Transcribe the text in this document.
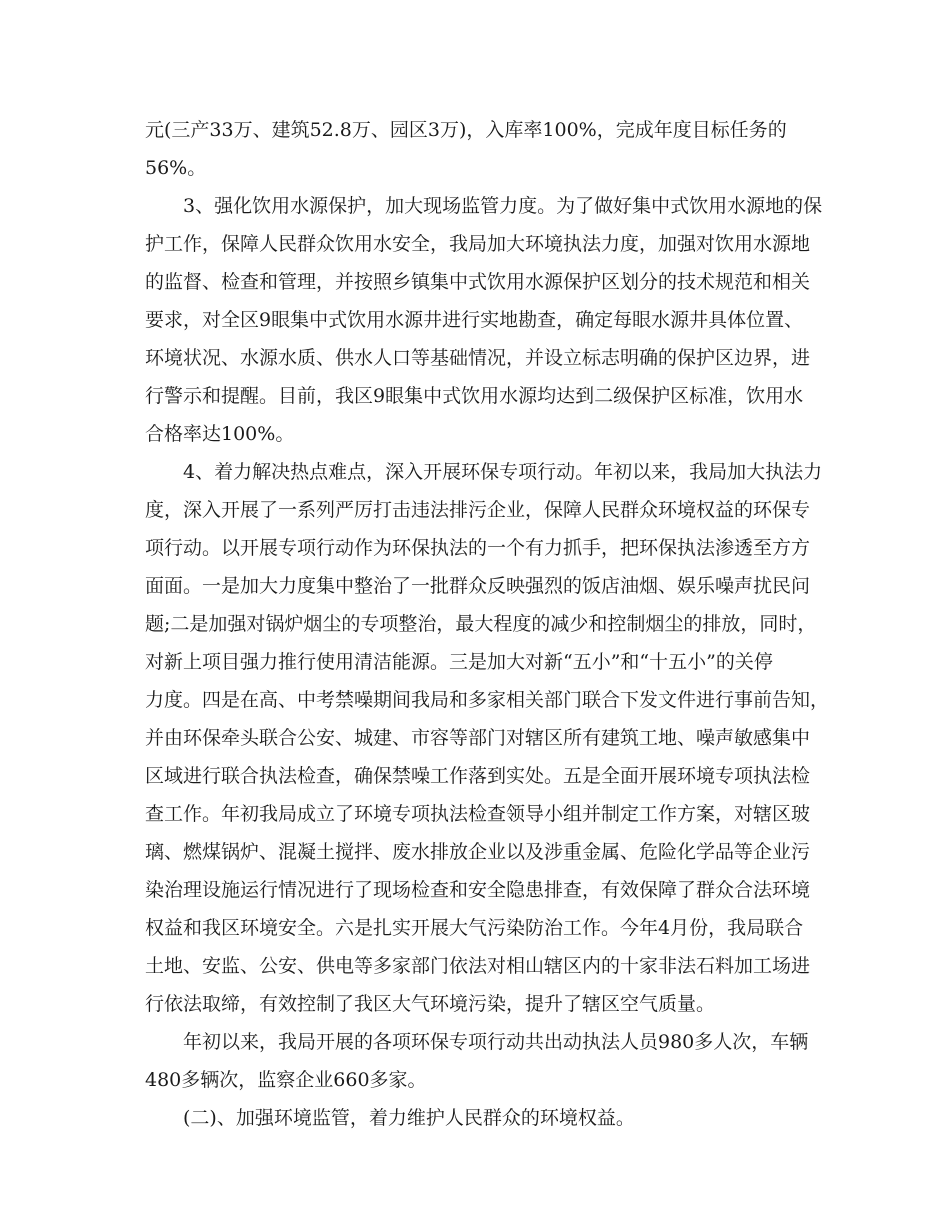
元(三产33万、建筑52.8万、园区3万)，入库率100%，完成年度目标任务的
56%。
3、强化饮用水源保护，加大现场监管力度。为了做好集中式饮用水源地的保
护工作，保障人民群众饮用水安全，我局加大环境执法力度，加强对饮用水源地
的监督、检查和管理，并按照乡镇集中式饮用水源保护区划分的技术规范和相关
要求，对全区9眼集中式饮用水源井进行实地勘查，确定每眼水源井具体位置、
环境状况、水源水质、供水人口等基础情况，并设立标志明确的保护区边界，进
行警示和提醒。目前，我区9眼集中式饮用水源均达到二级保护区标准，饮用水
合格率达100%。
4、着力解决热点难点，深入开展环保专项行动。年初以来，我局加大执法力
度，深入开展了一系列严厉打击违法排污企业，保障人民群众环境权益的环保专
项行动。以开展专项行动作为环保执法的一个有力抓手，把环保执法渗透至方方
面面。一是加大力度集中整治了一批群众反映强烈的饭店油烟、娱乐噪声扰民问
题;二是加强对锅炉烟尘的专项整治，最大程度的减少和控制烟尘的排放，同时，
对新上项目强力推行使用清洁能源。三是加大对新“五小”和“十五小”的关停
力度。四是在高、中考禁噪期间我局和多家相关部门联合下发文件进行事前告知，
并由环保牵头联合公安、城建、市容等部门对辖区所有建筑工地、噪声敏感集中
区域进行联合执法检查，确保禁噪工作落到实处。五是全面开展环境专项执法检
查工作。年初我局成立了环境专项执法检查领导小组并制定工作方案，对辖区玻
璃、燃煤锅炉、混凝土搅拌、废水排放企业以及涉重金属、危险化学品等企业污
染治理设施运行情况进行了现场检查和安全隐患排查，有效保障了群众合法环境
权益和我区环境安全。六是扎实开展大气污染防治工作。今年4月份，我局联合
土地、安监、公安、供电等多家部门依法对相山辖区内的十家非法石料加工场进
行依法取缔，有效控制了我区大气环境污染，提升了辖区空气质量。
年初以来，我局开展的各项环保专项行动共出动执法人员980多人次，车辆
480多辆次，监察企业660多家。
(二)、加强环境监管，着力维护人民群众的环境权益。
